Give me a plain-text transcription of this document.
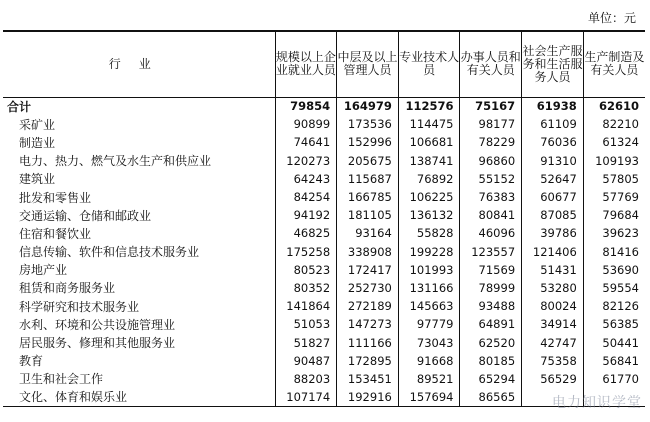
单位：元
行业	规模以上企业就业人员	中层及以上管理人员	专业技术人员	办事人员和有关人员	社会生产服务和生活服务人员	生产制造及有关人员
合计	79854	164979	112576	75167	61938	62610
采矿业	90899	173536	114475	98177	61109	82210
制造业	74641	152996	106681	78229	76036	61324
电力、热力、燃气及水生产和供应业	120273	205675	138741	96860	91310	109193
建筑业	64243	115687	76892	55152	52647	57805
批发和零售业	84254	166785	106225	76383	60677	57769
交通运输、仓储和邮政业	94192	181105	136132	80841	87085	79684
住宿和餐饮业	46825	93164	55828	46096	39786	39623
信息传输、软件和信息技术服务业	175258	338908	199228	123557	121406	81416
房地产业	80523	172417	101993	71569	51431	53690
租赁和商务服务业	80352	252730	131166	78999	53280	59554
科学研究和技术服务业	141864	272189	145663	93488	80024	82126
水利、环境和公共设施管理业	51053	147273	97779	64891	34914	56385
居民服务、修理和其他服务业	51827	111166	73043	62520	42747	50441
教育	90487	172895	91668	80185	75358	56841
卫生和社会工作	88203	153451	89521	65294	56529	61770
文化、体育和娱乐业	107174	192916	157694	86565			电力知识学堂
